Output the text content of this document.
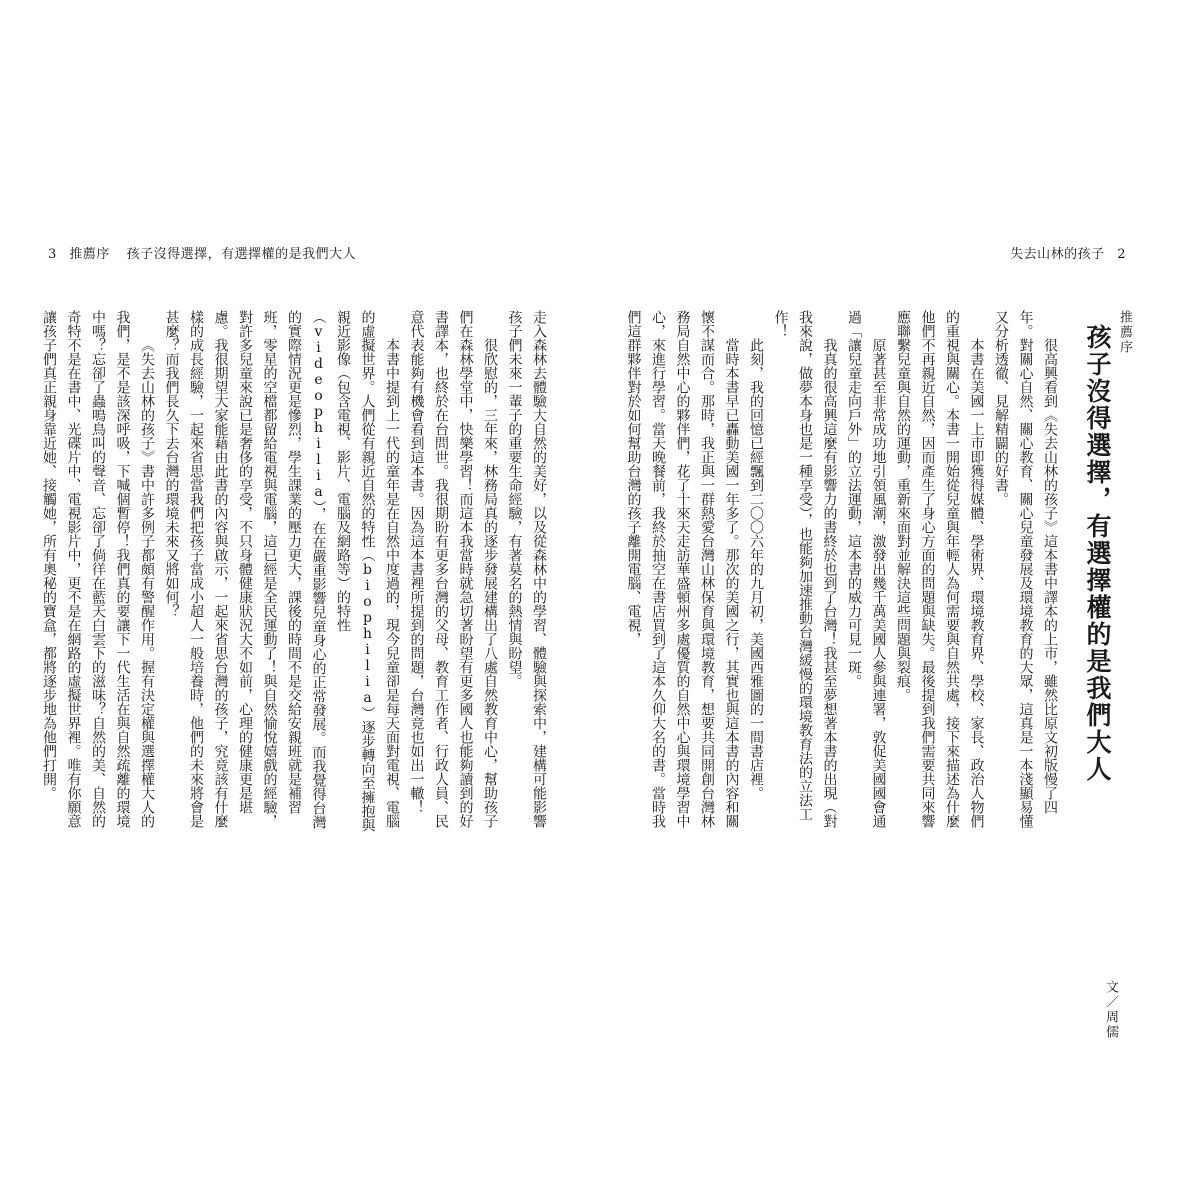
3 推薦序 孩子沒得選擇，有選擇權的是我們大人

走入森林去體驗大自然的美好，以及從森林中的學習、體驗與探索中，建構可能影響孩子們未來一輩子的重要生命經驗，有著莫名的熱情與盼望。

很欣慰的，三年來，林務局真的逐步發展建構出了八處自然教育中心，幫助孩子們在森林學堂中，快樂學習！而這本我當時就急切著盼望有更多國人也能夠讀到的好書譯本，也終於在台問世。我很期盼有更多台灣的父母、教育工作者、行政人員、民意代表能夠有機會看到這本書。因為這本書裡所提到的問題，台灣竟也如出一轍！

本書中提到上一代的童年是在自然中度過的，現今兒童卻是每天面對電視、電腦的虛擬世界。人們從有親近自然的特性（biophilia）逐步轉向至擁抱與親近影像（包含電視、影片、電腦及網路等）的特性（videophilia），在在嚴重影響兒童身心的正常發展。而我覺得台灣的實際情況更是慘烈，學生課業的壓力更大，課後的時間不是交給安親班就是補習班，零星的空檔都留給電視與電腦，這已經是全民運動了！與自然愉悅嬉戲的經驗，對許多兒童來說已是奢侈的享受，不只身體健康狀況大不如前，心理的健康更是堪慮。我很期望大家能藉由此書的內容與啟示，一起來省思台灣的孩子，究竟該有什麼樣的成長經驗，一起來省思當我們把孩子當成小超人一般培養時，他們的未來將會是甚麼？而我們長久下去台灣的環境未來又將如何？

《失去山林的孩子》書中許多例子都頗有警醒作用。握有決定權與選擇權大人的我們，是不是該深呼吸，下喊個暫停！我們真的要讓下一代生活在與自然疏離的環境中嗎？忘卻了蟲鳴鳥叫的聲音、忘卻了倘徉在藍天白雲下的滋味？自然的美、自然的奇特不是在書中、光碟片中、電視影片中，更不是在網路的虛擬世界裡。唯有你願意讓孩子們真正親身靠近她、接觸她，所有奧秘的寶盒，都將逐步地為他們打開。

失去山林的孩子 2
推薦序
孩子沒得選擇，有選擇權的是我們大人

很高興看到《失去山林的孩子》這本書中譯本的上市，雖然比原文初版慢了四年。對關心自然、關心教育、關心兒童發展及環境教育的大眾，這真是一本淺顯易懂又分析透徹、見解精闢的好書。

本書在美國一上市即獲得媒體、學術界、環境教育界、學校、家長、政治人物們的重視與關心。本書一開始從兒童與年輕人為何需要與自然共處，接下來描述為什麼他們不再親近自然，因而產生了身心方面的問題與缺失。最後提到我們需要共同來響應聯繫兒童與自然的運動，重新來面對並解決這些問題與裂痕。

原著甚至非常成功地引領風潮，激發出幾千萬美國人參與連署，敦促美國國會通過「讓兒童走向戶外」的立法運動，這本書的威力可見一斑。

我真的很高興這麼有影響力的書終於也到了台灣！我甚至夢想著本書的出現（對我來說，做夢本身也是一種享受），也能夠加速推動台灣緩慢的環境教育法的立法工作！

此刻，我的回憶已經飄到二〇〇六年的九月初，美國西雅圖的一間書店裡。

當時本書早已轟動美國一年多了。那次的美國之行，其實也與這本書的內容和關懷不謀而合。那時，我正與一群熱愛台灣山林保育與環境教育，想要共同開創台灣林務局自然中心的夥伴們，花了十來天走訪華盛頓州多處優質的自然中心與環境學習中心，來進行學習。當天晚餐前，我終於抽空在書店買到了這本久仰大名的書。當時我們這群夥伴對於如何幫助台灣的孩子離開電腦、電視，

文／周儒
